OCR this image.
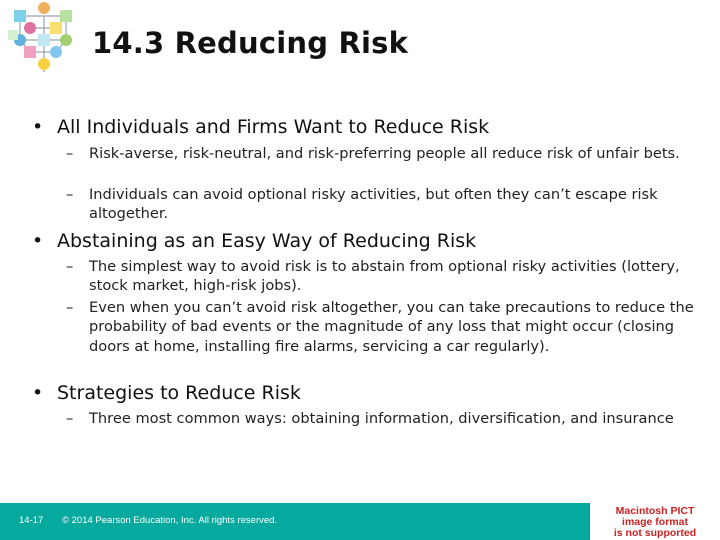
14.3 Reducing Risk
• All Individuals and Firms Want to Reduce Risk
–	Risk-averse, risk-neutral, and risk-preferring people all reduce risk of unfair bets.
–	Individuals can avoid optional risky activities, but often they can’t escape risk altogether.
• Abstaining as an Easy Way of Reducing Risk
–	The simplest way to avoid risk is to abstain from optional risky activities (lottery, stock market, high-risk jobs).
–	Even when you can’t avoid risk altogether, you can take precautions to reduce the probability of bad events or the magnitude of any loss that might occur (closing doors at home, installing fire alarms, servicing a car regularly).
• Strategies to Reduce Risk
–	Three most common ways: obtaining information, diversification, and insurance
14-17 © 2014 Pearson Education, Inc. All rights reserved.
Macintosh PICT
image format
is not supported
